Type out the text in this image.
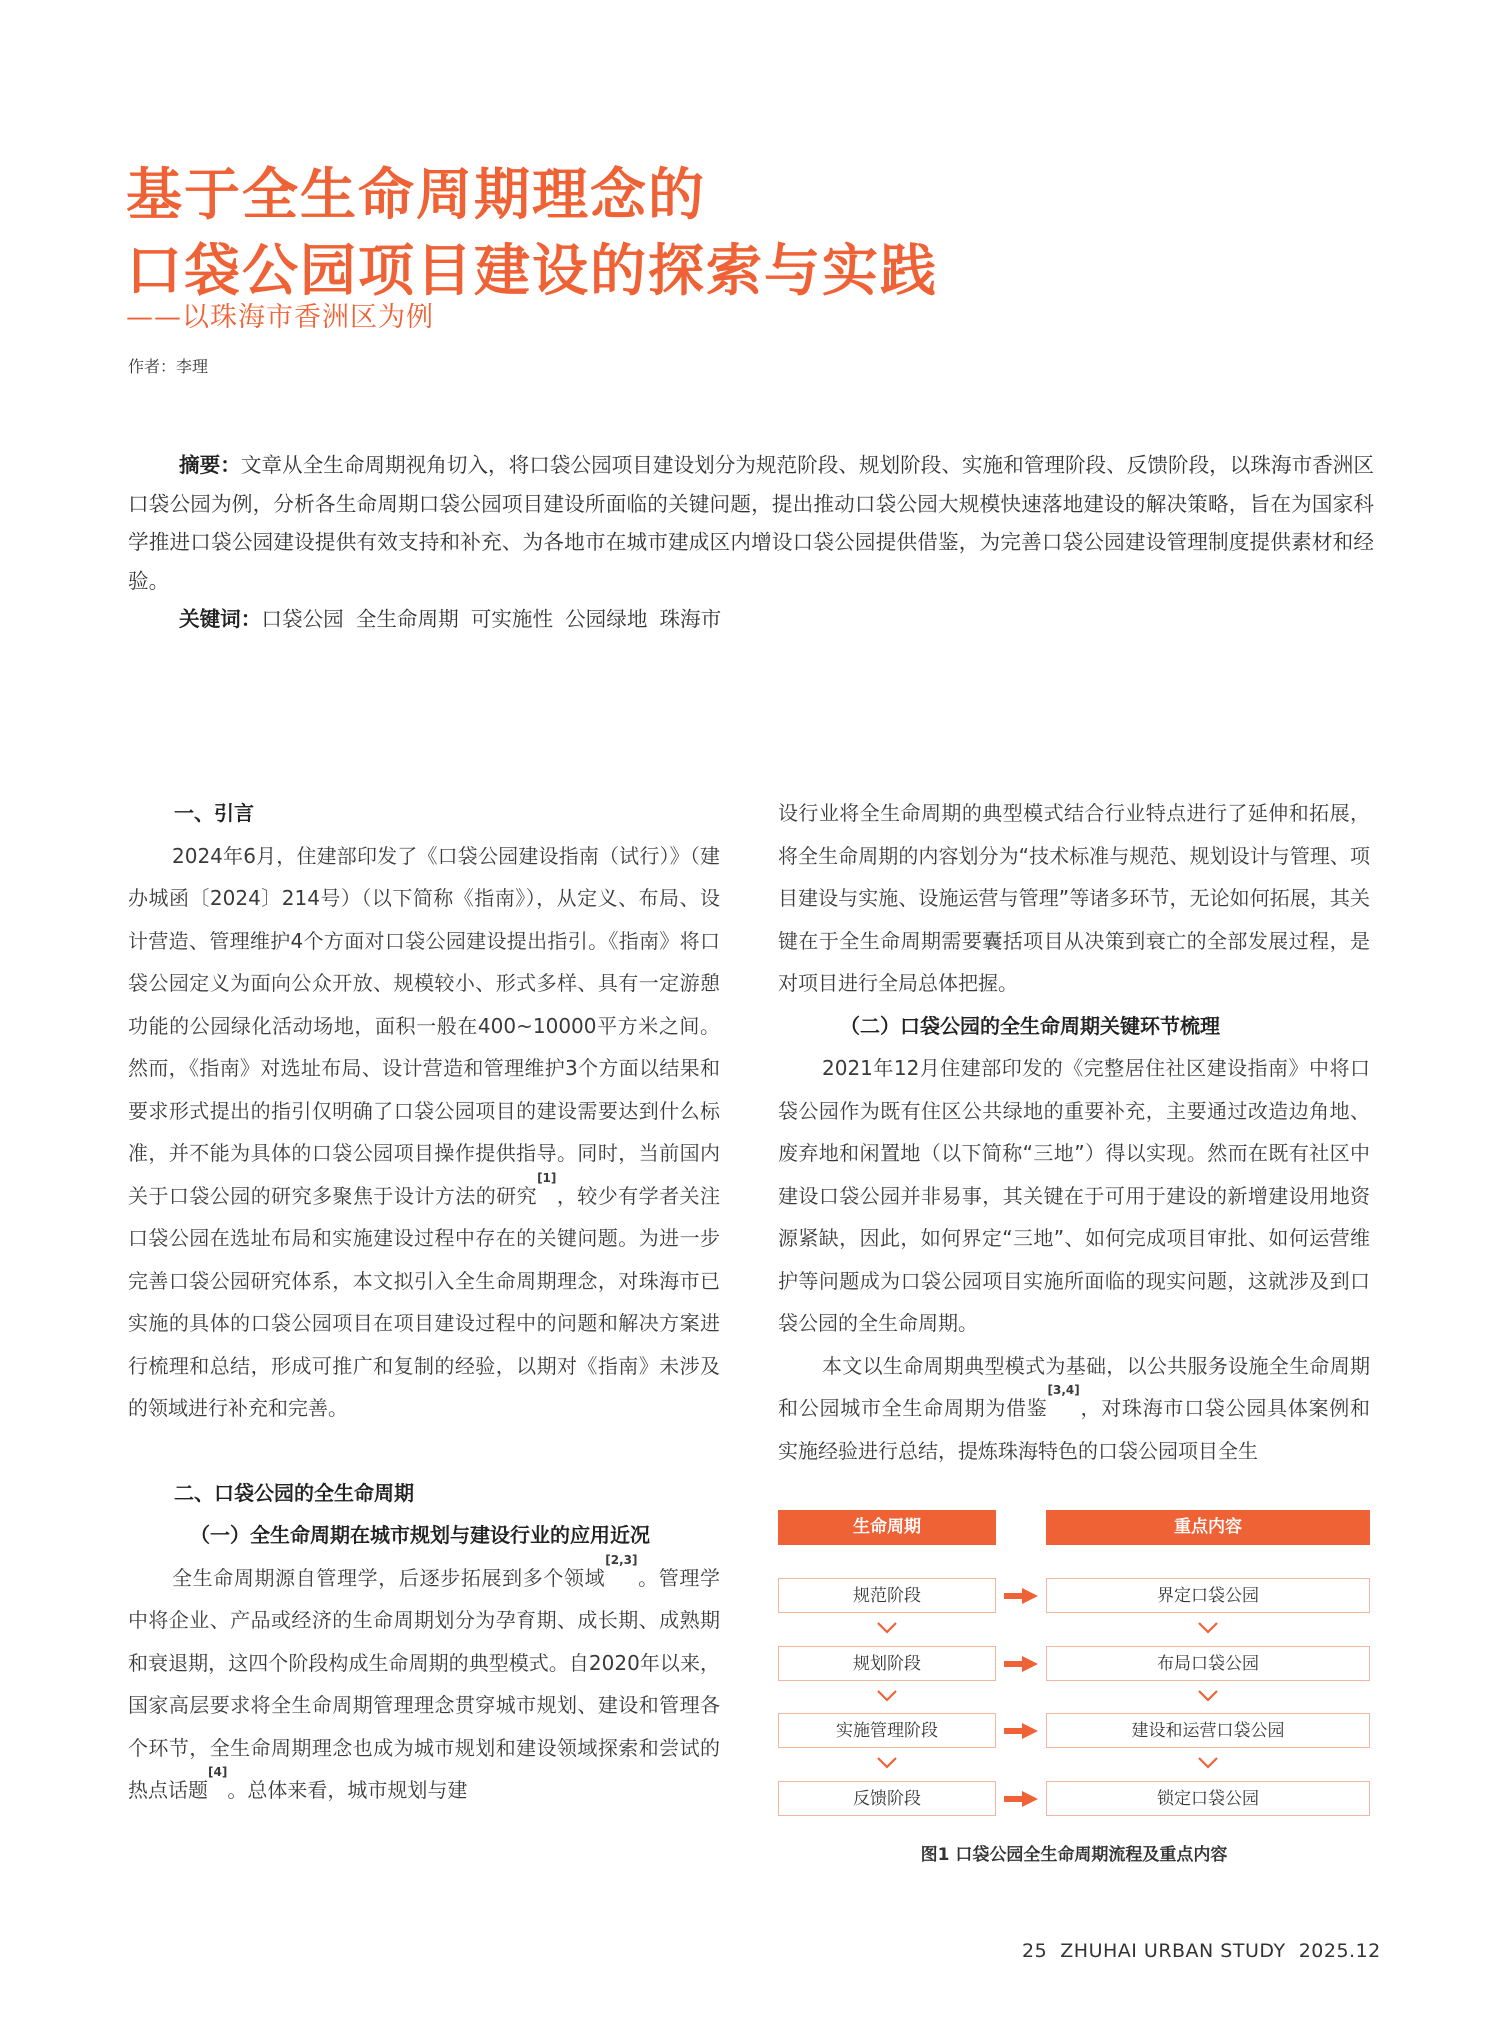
基于全生命周期理念的
口袋公园项目建设的探索与实践
——以珠海市香洲区为例
作者：李理

摘要：文章从全生命周期视角切入，将口袋公园项目建设划分为规范阶段、规划阶段、实施和管理阶段、反馈阶段，以珠海市香洲区口袋公园为例，分析各生命周期口袋公园项目建设所面临的关键问题，提出推动口袋公园大规模快速落地建设的解决策略，旨在为国家科学推进口袋公园建设提供有效支持和补充、为各地市在城市建成区内增设口袋公园提供借鉴，为完善口袋公园建设管理制度提供素材和经验。

关键词：口袋公园 全生命周期 可实施性 公园绿地 珠海市

一、引言

2024年6月，住建部印发了《口袋公园建设指南（试行）》（建办城函〔2024〕214号）（以下简称《指南》），从定义、布局、设计营造、管理维护4个方面对口袋公园建设提出指引。《指南》将口袋公园定义为面向公众开放、规模较小、形式多样、具有一定游憩功能的公园绿化活动场地，面积一般在400~10000平方米之间。然而，《指南》对选址布局、设计营造和管理维护3个方面以结果和要求形式提出的指引仅明确了口袋公园项目的建设需要达到什么标准，并不能为具体的口袋公园项目操作提供指导。同时，当前国内关于口袋公园的研究多聚焦于设计方法的研究[1]，较少有学者关注口袋公园在选址布局和实施建设过程中存在的关键问题。为进一步完善口袋公园研究体系，本文拟引入全生命周期理念，对珠海市已实施的具体的口袋公园项目在项目建设过程中的问题和解决方案进行梳理和总结，形成可推广和复制的经验，以期对《指南》未涉及的领域进行补充和完善。

二、口袋公园的全生命周期

（一）全生命周期在城市规划与建设行业的应用近况

全生命周期源自管理学，后逐步拓展到多个领域[2,3]。管理学中将企业、产品或经济的生命周期划分为孕育期、成长期、成熟期和衰退期，这四个阶段构成生命周期的典型模式。自2020年以来，国家高层要求将全生命周期管理理念贯穿城市规划、建设和管理各个环节，全生命周期理念也成为城市规划和建设领域探索和尝试的热点话题[4]。总体来看，城市规划与建

设行业将全生命周期的典型模式结合行业特点进行了延伸和拓展，将全生命周期的内容划分为“技术标准与规范、规划设计与管理、项目建设与实施、设施运营与管理”等诸多环节，无论如何拓展，其关键在于全生命周期需要囊括项目从决策到衰亡的全部发展过程，是对项目进行全局总体把握。

（二）口袋公园的全生命周期关键环节梳理

2021年12月住建部印发的《完整居住社区建设指南》中将口袋公园作为既有住区公共绿地的重要补充，主要通过改造边角地、废弃地和闲置地（以下简称“三地”）得以实现。然而在既有社区中建设口袋公园并非易事，其关键在于可用于建设的新增建设用地资源紧缺，因此，如何界定“三地”、如何完成项目审批、如何运营维护等问题成为口袋公园项目实施所面临的现实问题，这就涉及到口袋公园的全生命周期。

本文以生命周期典型模式为基础，以公共服务设施全生命周期和公园城市全生命周期为借鉴[3,4]，对珠海市口袋公园具体案例和实施经验进行总结，提炼珠海特色的口袋公园项目全生

生命周期	重点内容
规范阶段	界定口袋公园
规划阶段	布局口袋公园
实施管理阶段	建设和运营口袋公园
反馈阶段	锁定口袋公园
图1 口袋公园全生命周期流程及重点内容
25 ZHUHAI URBAN STUDY 2025.12
